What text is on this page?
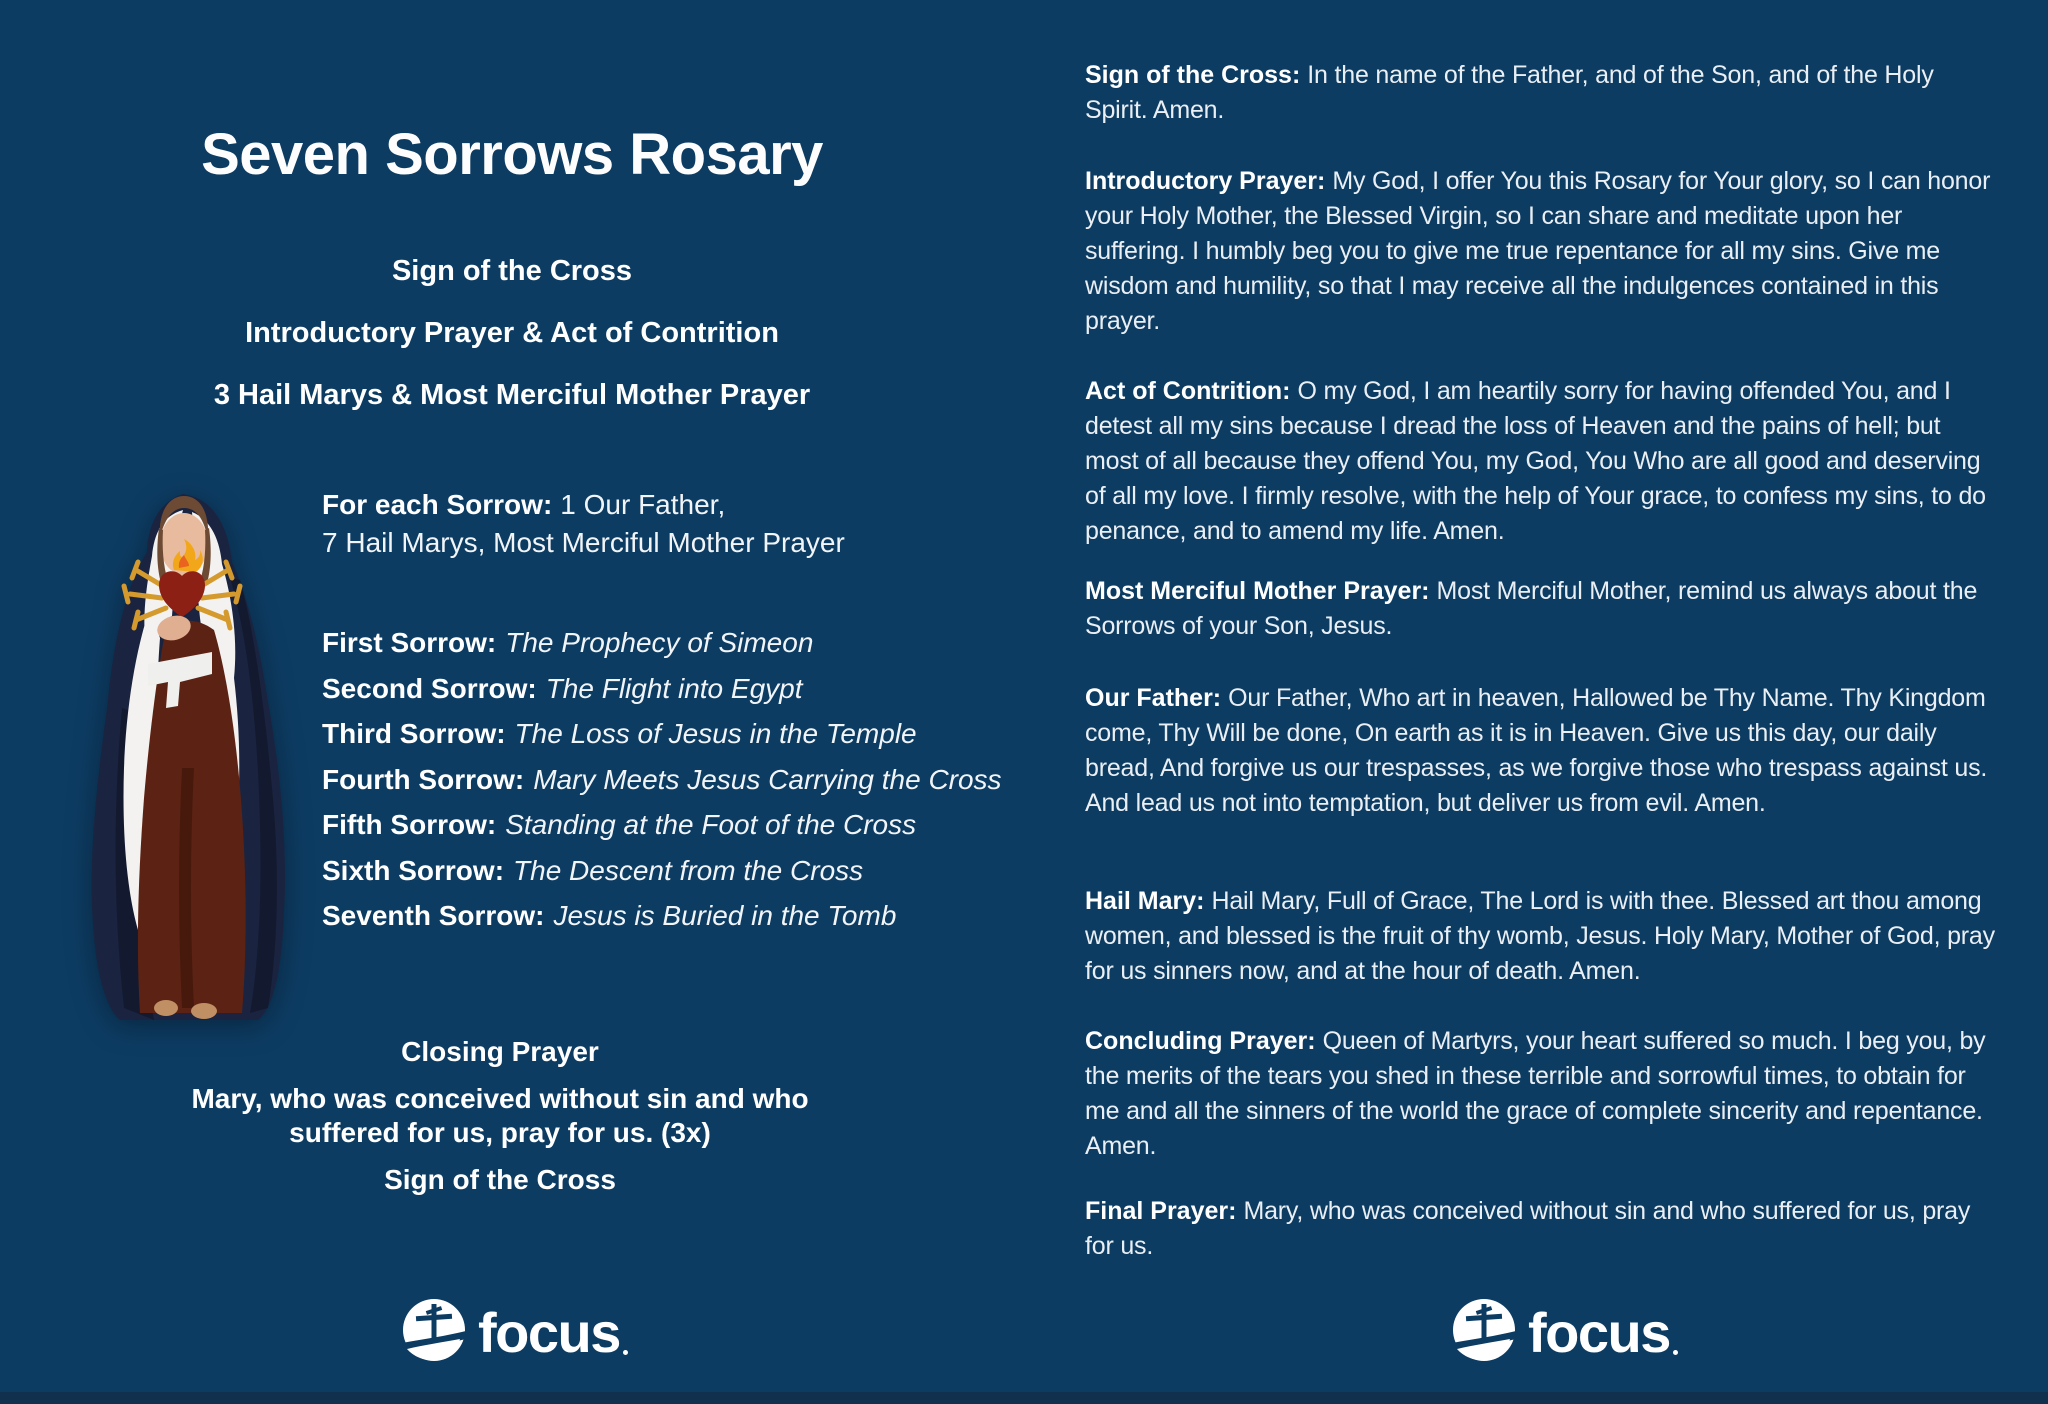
Seven Sorrows Rosary
Sign of the Cross
Introductory Prayer & Act of Contrition
3 Hail Marys & Most Merciful Mother Prayer
For each Sorrow: 1 Our Father,
7 Hail Marys, Most Merciful Mother Prayer
First Sorrow: The Prophecy of Simeon
Second Sorrow: The Flight into Egypt
Third Sorrow: The Loss of Jesus in the Temple
Fourth Sorrow: Mary Meets Jesus Carrying the Cross
Fifth Sorrow: Standing at the Foot of the Cross
Sixth Sorrow: The Descent from the Cross
Seventh Sorrow: Jesus is Buried in the Tomb
Closing Prayer
Mary, who was conceived without sin and who
suffered for us, pray for us. (3x)
Sign of the Cross

Sign of the Cross: In the name of the Father, and of the Son, and of the Holy Spirit. Amen.

Introductory Prayer: My God, I offer You this Rosary for Your glory, so I can honor your Holy Mother, the Blessed Virgin, so I can share and meditate upon her suffering. I humbly beg you to give me true repentance for all my sins. Give me wisdom and humility, so that I may receive all the indulgences contained in this prayer.

Act of Contrition: O my God, I am heartily sorry for having offended You, and I detest all my sins because I dread the loss of Heaven and the pains of hell; but most of all because they offend You, my God, You Who are all good and deserving of all my love. I firmly resolve, with the help of Your grace, to confess my sins, to do penance, and to amend my life. Amen.

Most Merciful Mother Prayer: Most Merciful Mother, remind us always about the Sorrows of your Son, Jesus.

Our Father: Our Father, Who art in heaven, Hallowed be Thy Name. Thy Kingdom come, Thy Will be done, On earth as it is in Heaven. Give us this day, our daily bread, And forgive us our trespasses, as we forgive those who trespass against us. And lead us not into temptation, but deliver us from evil. Amen.

Hail Mary: Hail Mary, Full of Grace, The Lord is with thee. Blessed art thou among women, and blessed is the fruit of thy womb, Jesus. Holy Mary, Mother of God, pray for us sinners now, and at the hour of death. Amen.

Concluding Prayer: Queen of Martyrs, your heart suffered so much. I beg you, by the merits of the tears you shed in these terrible and sorrowful times, to obtain for me and all the sinners of the world the grace of complete sincerity and repentance. Amen.

Final Prayer: Mary, who was conceived without sin and who suffered for us, pray for us.

focus	focus
